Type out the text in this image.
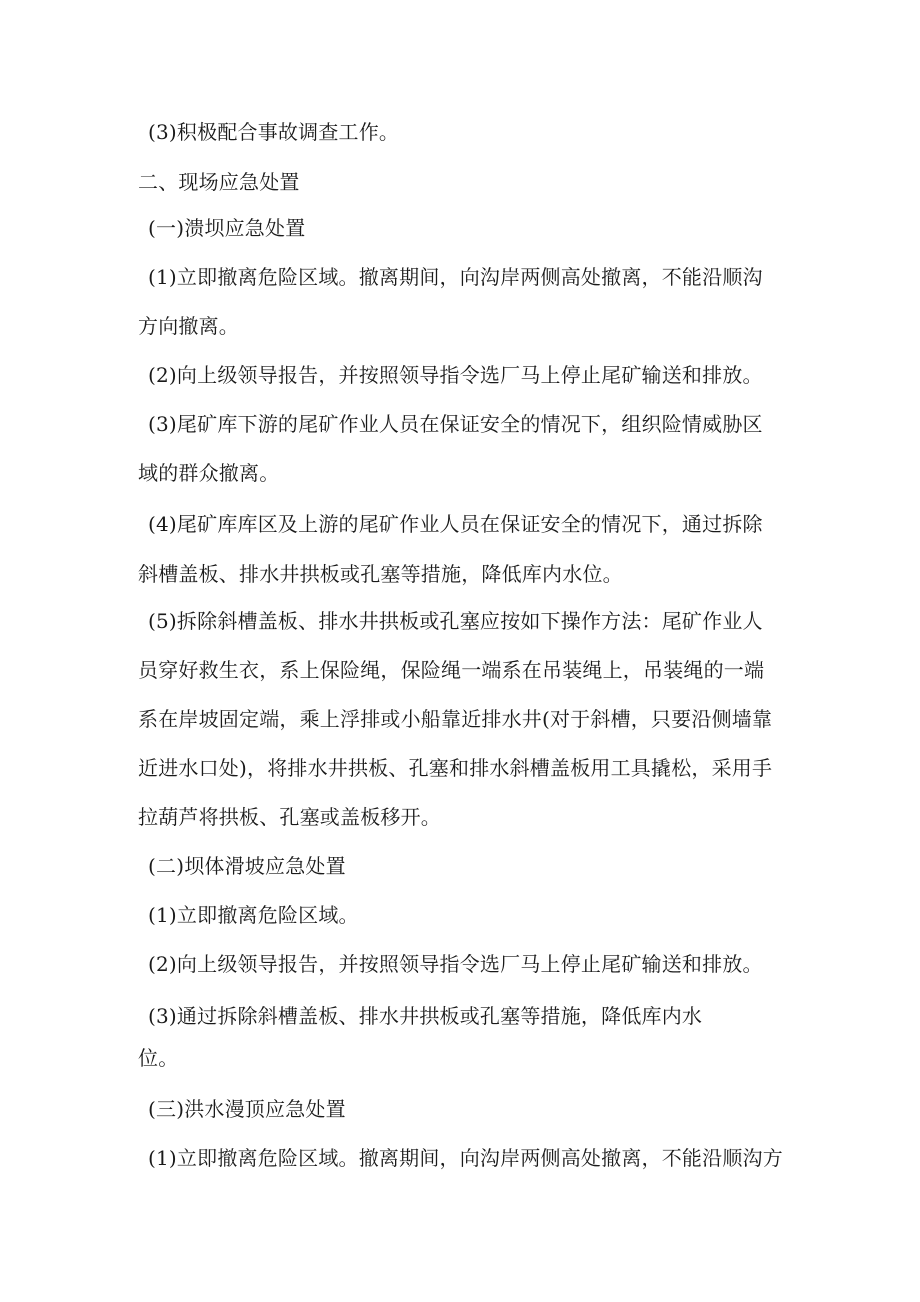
(3)积极配合事故调查工作。
二、现场应急处置
(一)溃坝应急处置
(1)立即撤离危险区域。撤离期间，向沟岸两侧高处撤离，不能沿顺沟
方向撤离。
(2)向上级领导报告，并按照领导指令选厂马上停止尾矿输送和排放。
(3)尾矿库下游的尾矿作业人员在保证安全的情况下，组织险情威胁区
域的群众撤离。
(4)尾矿库库区及上游的尾矿作业人员在保证安全的情况下，通过拆除
斜槽盖板、排水井拱板或孔塞等措施，降低库内水位。
(5)拆除斜槽盖板、排水井拱板或孔塞应按如下操作方法：尾矿作业人
员穿好救生衣，系上保险绳，保险绳一端系在吊装绳上，吊装绳的一端
系在岸坡固定端，乘上浮排或小船靠近排水井(对于斜槽，只要沿侧墙靠
近进水口处)，将排水井拱板、孔塞和排水斜槽盖板用工具撬松，采用手
拉葫芦将拱板、孔塞或盖板移开。
(二)坝体滑坡应急处置
(1)立即撤离危险区域。
(2)向上级领导报告，并按照领导指令选厂马上停止尾矿输送和排放。
(3)通过拆除斜槽盖板、排水井拱板或孔塞等措施，降低库内水
位。
(三)洪水漫顶应急处置
(1)立即撤离危险区域。撤离期间，向沟岸两侧高处撤离，不能沿顺沟方
